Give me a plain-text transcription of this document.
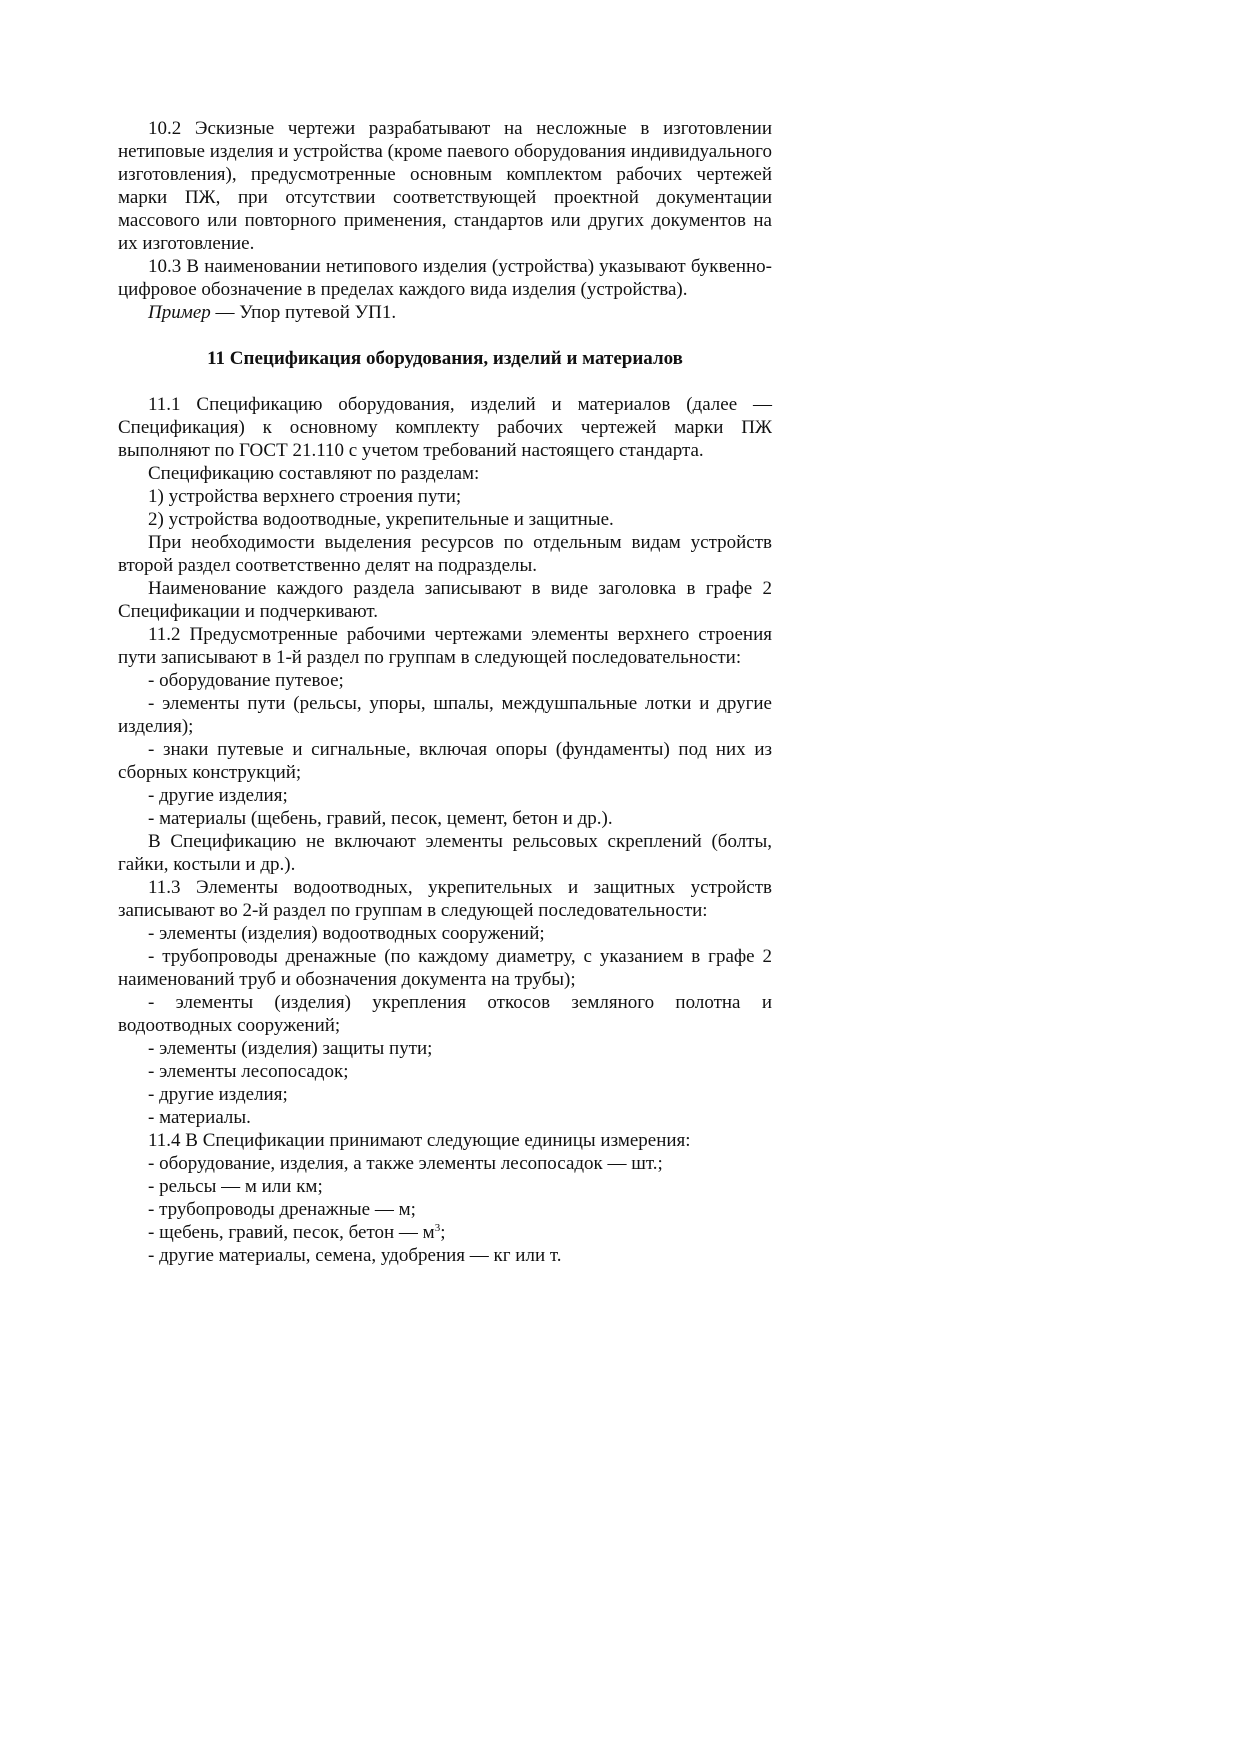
10.2 Эскизные чертежи разрабатывают на несложные в изготовлении нетиповые изделия и устройства (кроме паевого оборудования индивидуального изготовления), предусмотренные основным комплектом рабочих чертежей марки ПЖ, при отсутствии соответствующей проектной документации массового или повторного применения, стандартов или других документов на их изготовление.

10.3 В наименовании нетипового изделия (устройства) указывают буквенно-цифровое обозначение в пределах каждого вида изделия (устройства).

Пример — Упор путевой УП1.

11 Спецификация оборудования, изделий и материалов

11.1 Спецификацию оборудования, изделий и материалов (далее — Спецификация) к основному комплекту рабочих чертежей марки ПЖ выполняют по ГОСТ 21.110 с учетом требований настоящего стандарта.

Спецификацию составляют по разделам:

1) устройства верхнего строения пути;

2) устройства водоотводные, укрепительные и защитные.

При необходимости выделения ресурсов по отдельным видам устройств второй раздел соответственно делят на подразделы.

Наименование каждого раздела записывают в виде заголовка в графе 2 Спецификации и подчеркивают.

11.2 Предусмотренные рабочими чертежами элементы верхнего строения пути записывают в 1-й раздел по группам в следующей последовательности:

- оборудование путевое;

- элементы пути (рельсы, упоры, шпалы, междушпальные лотки и другие изделия);

- знаки путевые и сигнальные, включая опоры (фундаменты) под них из сборных конструкций;

- другие изделия;

- материалы (щебень, гравий, песок, цемент, бетон и др.).

В Спецификацию не включают элементы рельсовых скреплений (болты, гайки, костыли и др.).

11.3 Элементы водоотводных, укрепительных и защитных устройств записывают во 2-й раздел по группам в следующей последовательности:

- элементы (изделия) водоотводных сооружений;

- трубопроводы дренажные (по каждому диаметру, с указанием в графе 2 наименований труб и обозначения документа на трубы);

- элементы (изделия) укрепления откосов земляного полотна и водоотводных сооружений;

- элементы (изделия) защиты пути;

- элементы лесопосадок;

- другие изделия;

- материалы.

11.4 В Спецификации принимают следующие единицы измерения:

- оборудование, изделия, а также элементы лесопосадок — шт.;

- рельсы — м или км;

- трубопроводы дренажные — м;

- щебень, гравий, песок, бетон — $м^3$;

- другие материалы, семена, удобрения — кг или т.
